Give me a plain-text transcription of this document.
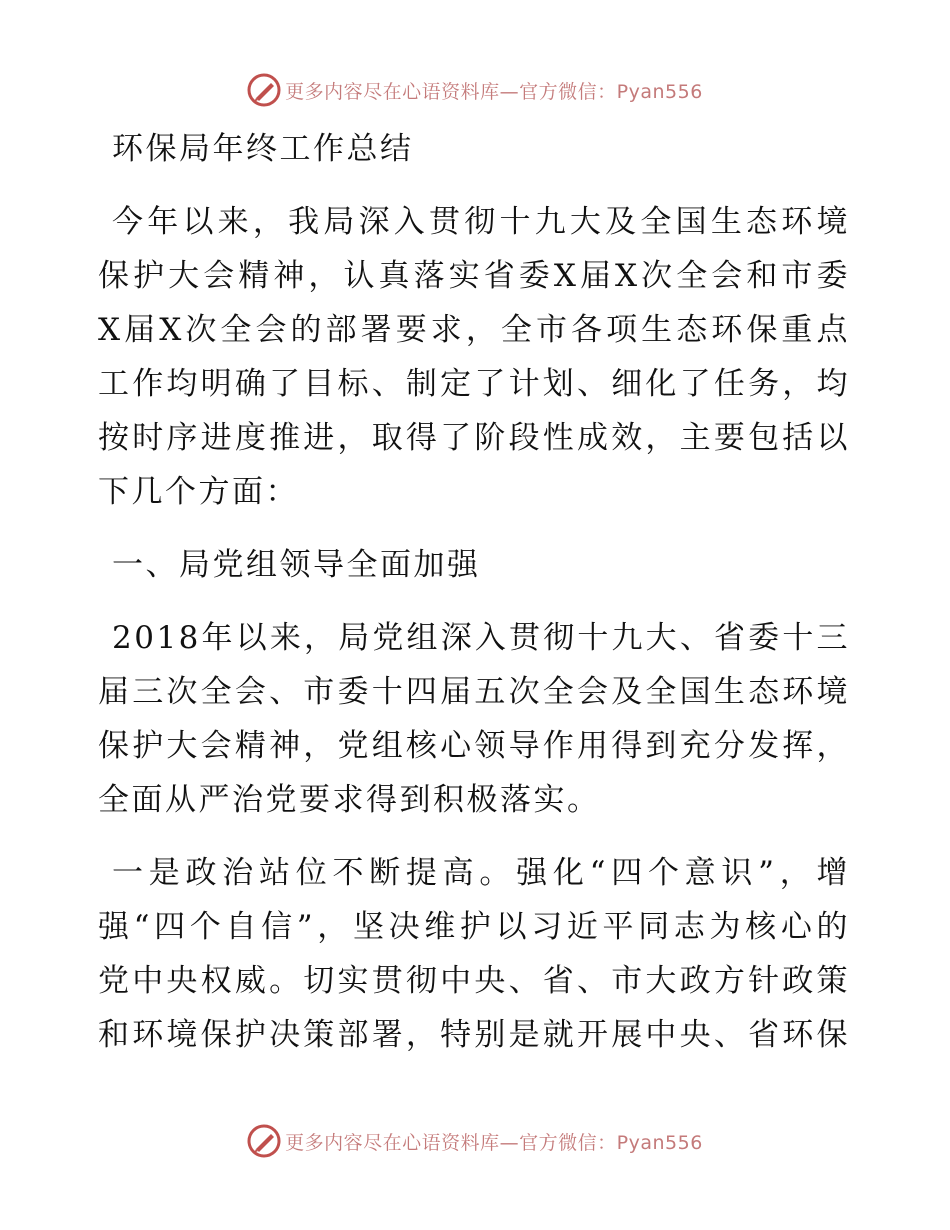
更多内容尽在心语资料库—官方微信：Pyan556
环保局年终工作总结
今年以来，我局深入贯彻十九大及全国生态环境
保护大会精神，认真落实省委X届X次全会和市委
X届X次全会的部署要求，全市各项生态环保重点
工作均明确了目标、制定了计划、细化了任务，均
按时序进度推进，取得了阶段性成效，主要包括以
下几个方面：
一、局党组领导全面加强
2018年以来，局党组深入贯彻十九大、省委十三
届三次全会、市委十四届五次全会及全国生态环境
保护大会精神，党组核心领导作用得到充分发挥，
全面从严治党要求得到积极落实。
一是政治站位不断提高。强化“四个意识”，增
强“四个自信”，坚决维护以习近平同志为核心的
党中央权威。切实贯彻中央、省、市大政方针政策
和环境保护决策部署，特别是就开展中央、省环保
更多内容尽在心语资料库—官方微信：Pyan556
